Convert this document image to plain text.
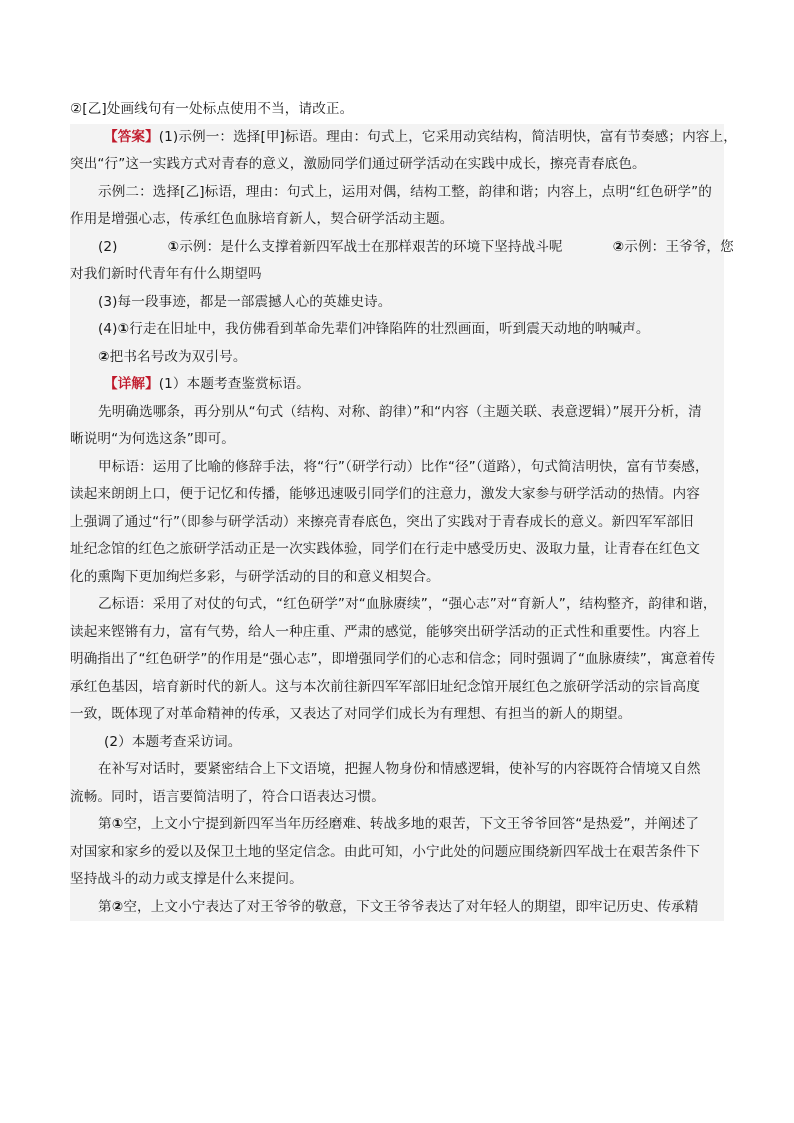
②[乙]处画线句有一处标点使用不当，请改正。
【答案】(1)示例一：选择[甲]标语。理由：句式上，它采用动宾结构，简洁明快，富有节奏感；内容上，
突出“行”这一实践方式对青春的意义，激励同学们通过研学活动在实践中成长，擦亮青春底色。
示例二：选择[乙]标语，理由：句式上，运用对偶，结构工整，韵律和谐；内容上，点明“红色研学”的
作用是增强心志，传承红色血脉培育新人，契合研学活动主题。
(2)	①示例：是什么支撑着新四军战士在那样艰苦的环境下坚持战斗呢	②示例：王爷爷，您
对我们新时代青年有什么期望吗
(3)每一段事迹，都是一部震撼人心的英雄史诗。
(4)①行走在旧址中，我仿佛看到革命先辈们冲锋陷阵的壮烈画面，听到震天动地的呐喊声。
②把书名号改为双引号。
【详解】(1）本题考查鉴赏标语。
先明确选哪条，再分别从“句式（结构、对称、韵律）”和“内容（主题关联、表意逻辑）”展开分析，清
晰说明“为何选这条”即可。
甲标语：运用了比喻的修辞手法，将“行”（研学行动）比作“径”（道路），句式简洁明快，富有节奏感，
读起来朗朗上口，便于记忆和传播，能够迅速吸引同学们的注意力，激发大家参与研学活动的热情。内容
上强调了通过“行”（即参与研学活动）来擦亮青春底色，突出了实践对于青春成长的意义。新四军军部旧
址纪念馆的红色之旅研学活动正是一次实践体验，同学们在行走中感受历史、汲取力量，让青春在红色文
化的熏陶下更加绚烂多彩，与研学活动的目的和意义相契合。
乙标语：采用了对仗的句式，“红色研学”对“血脉赓续”，“强心志”对“育新人”，结构整齐，韵律和谐，
读起来铿锵有力，富有气势，给人一种庄重、严肃的感觉，能够突出研学活动的正式性和重要性。内容上
明确指出了“红色研学”的作用是“强心志”，即增强同学们的心志和信念；同时强调了“血脉赓续”，寓意着传
承红色基因，培育新时代的新人。这与本次前往新四军军部旧址纪念馆开展红色之旅研学活动的宗旨高度
一致，既体现了对革命精神的传承，又表达了对同学们成长为有理想、有担当的新人的期望。
(2）本题考查采访词。
在补写对话时，要紧密结合上下文语境，把握人物身份和情感逻辑，使补写的内容既符合情境又自然
流畅。同时，语言要简洁明了，符合口语表达习惯。
第①空，上文小宁提到新四军当年历经磨难、转战多地的艰苦，下文王爷爷回答“是热爱”，并阐述了
对国家和家乡的爱以及保卫土地的坚定信念。由此可知，小宁此处的问题应围绕新四军战士在艰苦条件下
坚持战斗的动力或支撑是什么来提问。
第②空，上文小宁表达了对王爷爷的敬意，下文王爷爷表达了对年轻人的期望，即牢记历史、传承精
